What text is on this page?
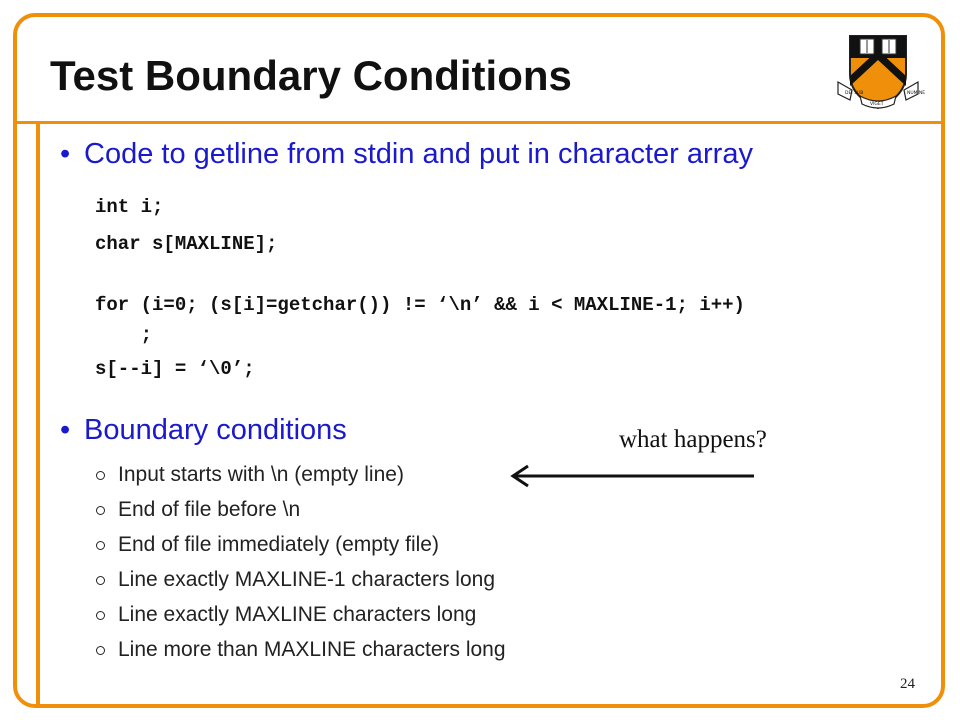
Test Boundary Conditions	DEI SUB	NUMINE
VIGET
• Code to getline from stdin and put in character array
int i;
char s[MAXLINE];
for (i=0; (s[i]=getchar()) != ‘\n’ && i < MAXLINE-1; i++)
;
s[--i] = ‘\0’;
• Boundary conditions
Input starts with \n (empty line)
End of file before \n
End of file immediately (empty file)
Line exactly MAXLINE-1 characters long
Line exactly MAXLINE characters long
Line more than MAXLINE characters long
what happens?
24
